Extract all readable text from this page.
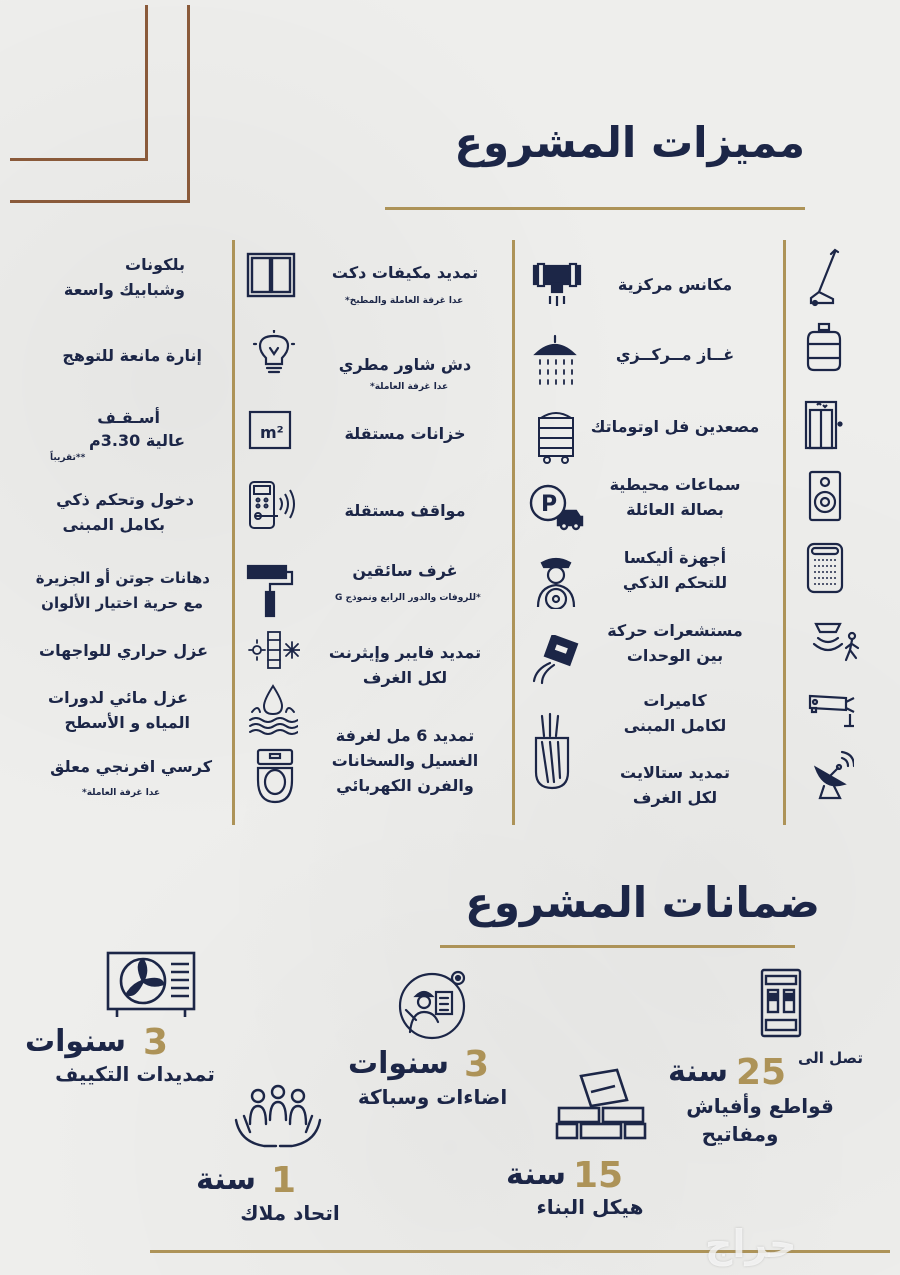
مميزات المشروع
مكانس مركزية
غــاز مــركــزي
مصعدين فل اوتوماتك
سماعات محيطية
بصالة العائلة
أجهزة أليكسا
للتحكم الذكي
مستشعرات حركة
بين الوحدات
كاميرات
لكامل المبنى
تمديد ستالايت
لكل الغرف
تمديد مكيفات دكت
عدا غرفة العاملة والمطبخ*
دش شاور مطري
عدا غرفة العاملة*
خزانات مستقلة
P
مواقف مستقلة
غرف سائقين
*للروفات والدور الرابع ونموذج G
تمديد فايبر وإيثرنت
لكل الغرف
تمديد 6 مل لغرفة
الغسيل والسخانات
والفرن الكهربائي
بلكونات
وشبابيك واسعة
إنارة مانعة للتوهج
m²
أسـقـف
عالية 3.30م
**تقريباً
دخول وتحكم ذكي
بكامل المبنى
دهانات جوتن أو الجزيرة
مع حرية اختيار الألوان
عزل حراري للواجهات
عزل مائي لدورات
المياه و الأسطح
كرسي افرنجي معلق
عدا غرفة العاملة*
ضمانات المشروع
تصل الى
25
سنة
قواطع وأفياش
ومفاتيح
3
سنوات
اضاءات وسباكة
3
سنوات
تمديدات التكييف
15
سنة
هيكل البناء
1
سنة
اتحاد ملاك
حراج
